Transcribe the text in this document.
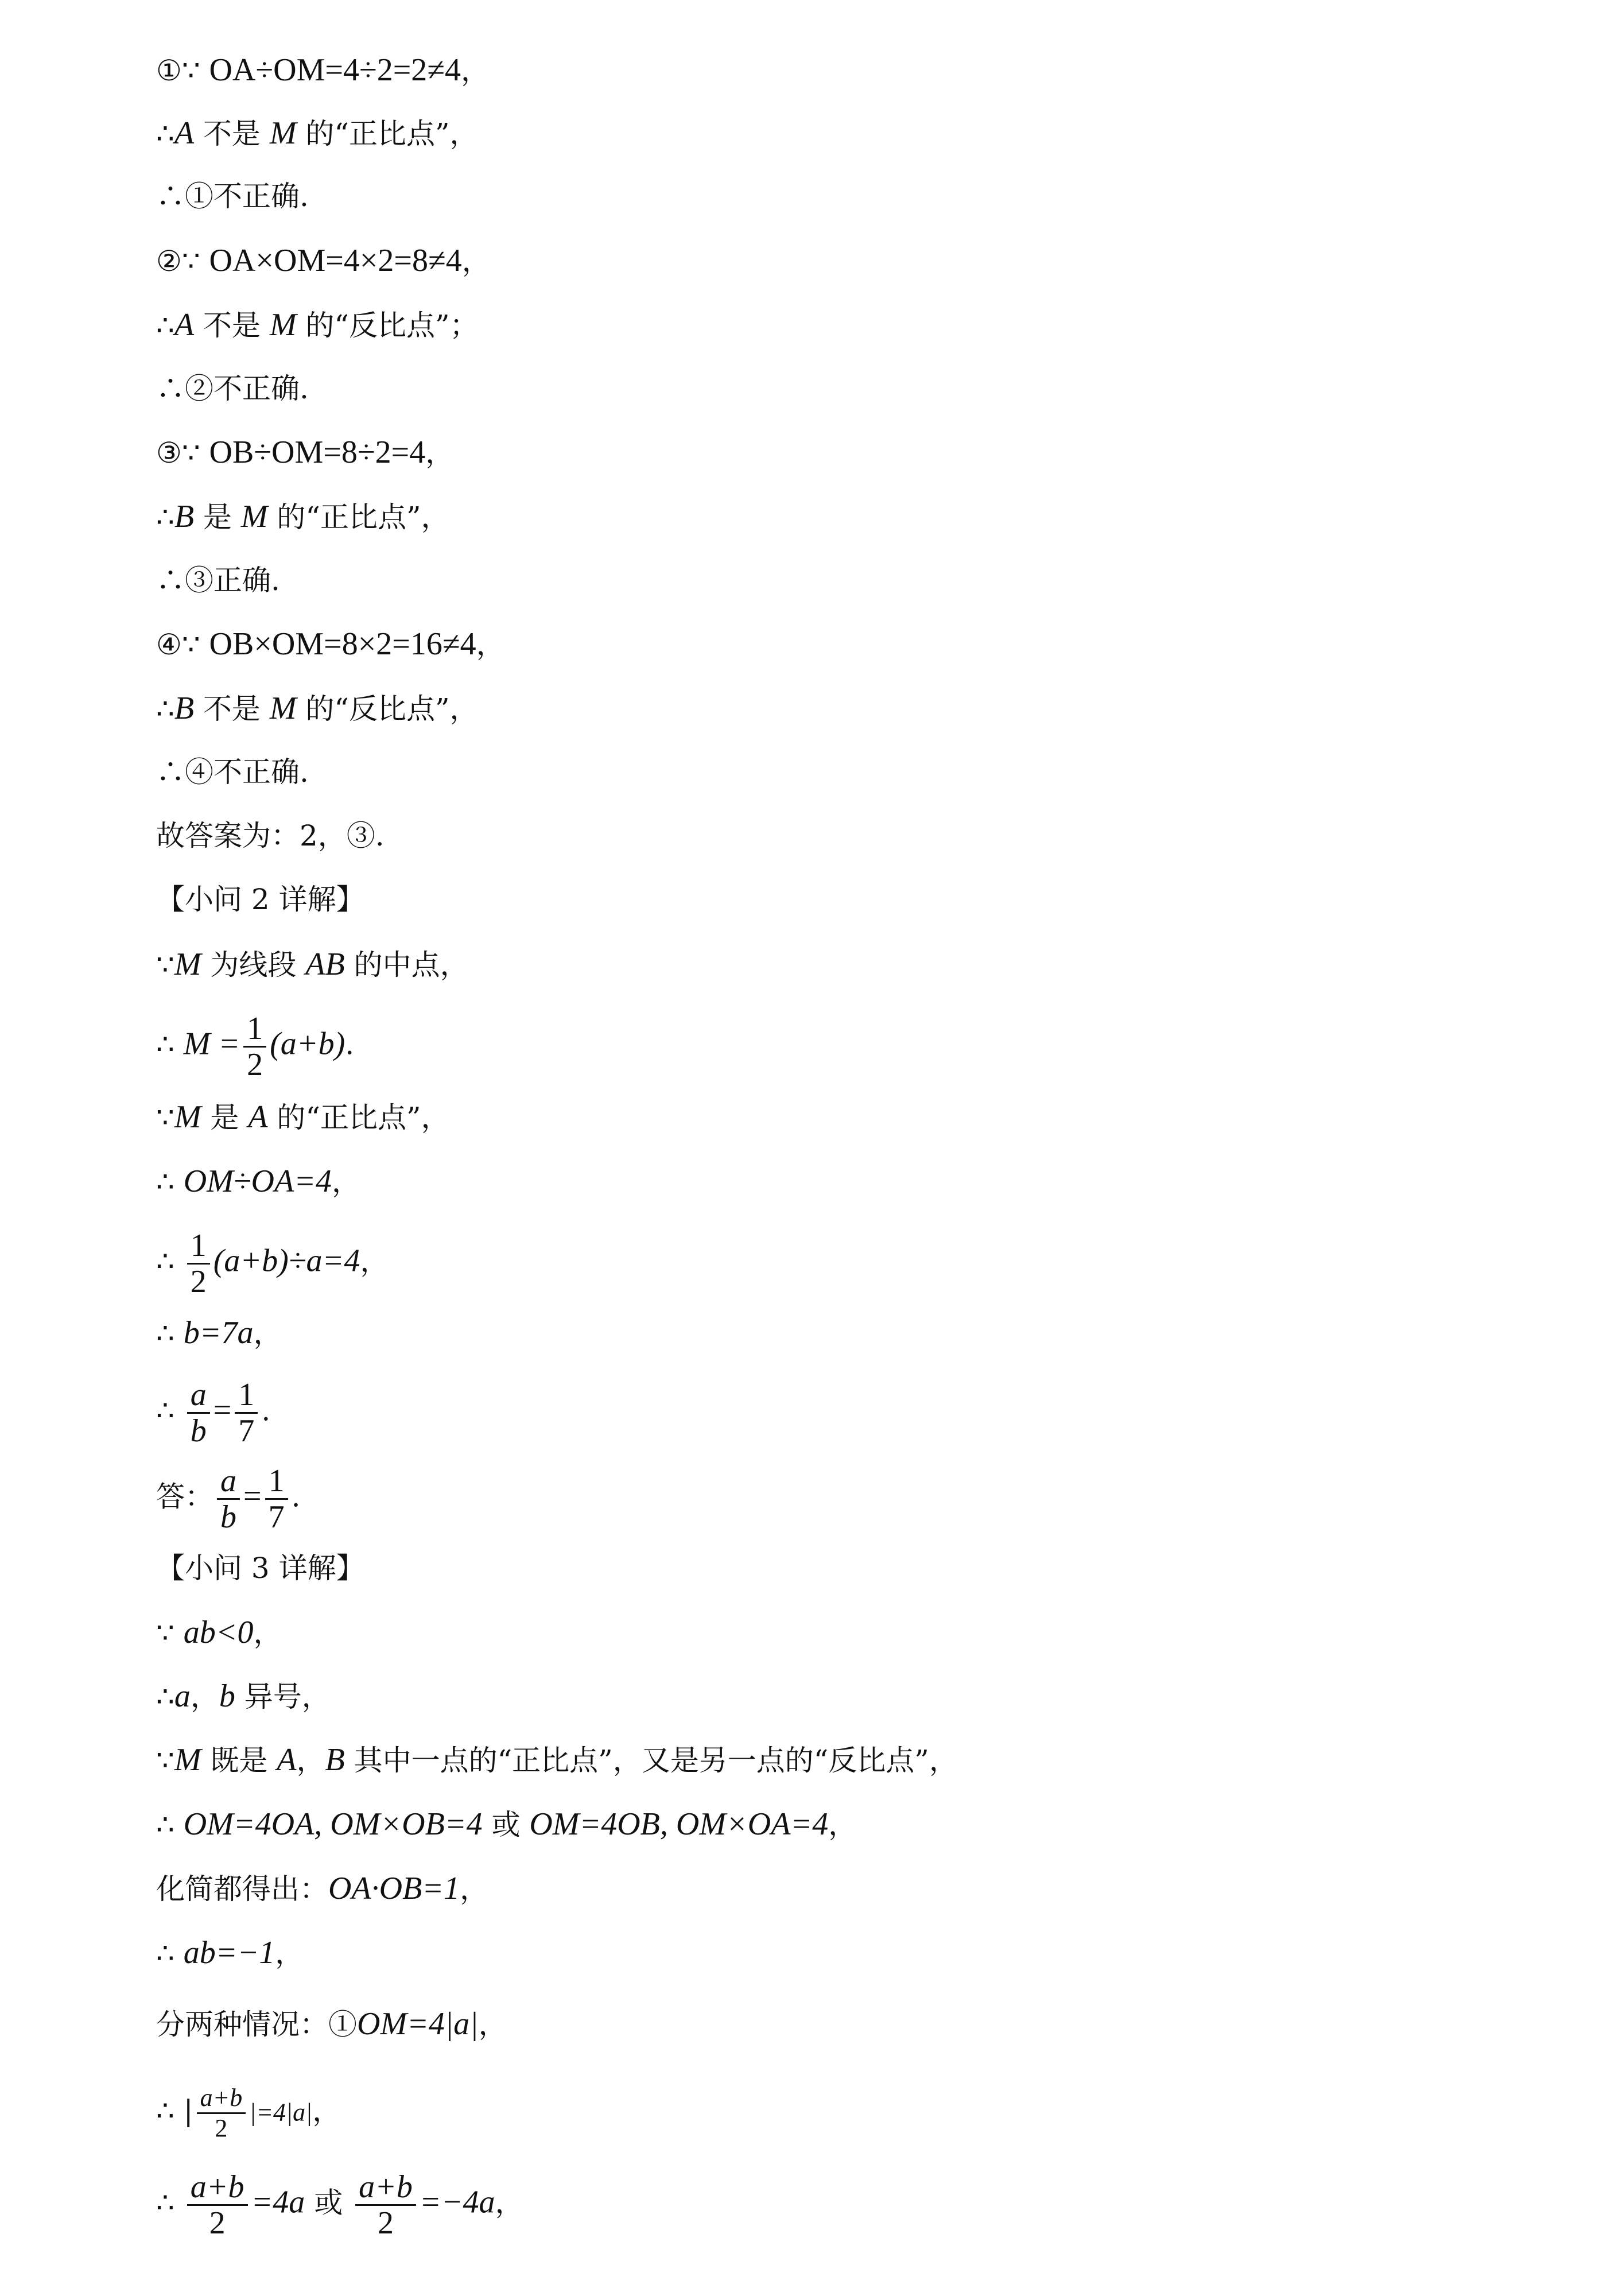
①∵ OA÷OM=4÷2=2≠4，
∴A 不是 M 的“正比点”，
∴①不正确.
②∵ OA×OM=4×2=8≠4，
∴A 不是 M 的“反比点”；
∴②不正确.
③∵ OB÷OM=8÷2=4，
∴B 是 M 的“正比点”，
∴③正确.
④∵ OB×OM=8×2=16≠4，
∴B 不是 M 的“反比点”，
∴④不正确.
故答案为：2，③.
【小问 2 详解】
∵M 为线段 AB 的中点，
∴ $M = \frac{1}{2} (a+b)$.
∵M 是 A 的“正比点”，
∴ OM÷OA=4，
∴ $\frac{1}{2} (a+b)\div a=4$，
∴ b=7a，
∴ $\frac{a}{b} = \frac{1}{7}$ .
答： $\frac{a}{b} = \frac{1}{7}$ .
【小问 3 详解】
∵ ab<0，
∴a，b 异号，
∵M 既是 A，B 其中一点的“正比点”，又是另一点的“反比点”，
∴ OM=4OA, OM×OB=4 或 OM=4OB, OM×OA=4，
化简都得出：OA·OB=1，
∴ ab=−1，
分两种情况：①OM=4|a|，
∴ | $\frac{a+b}{2} |=4|a|$，
∴ $\frac{a+b}{2} =4a$ 或 $\frac{a+b}{2} =-4a$，
